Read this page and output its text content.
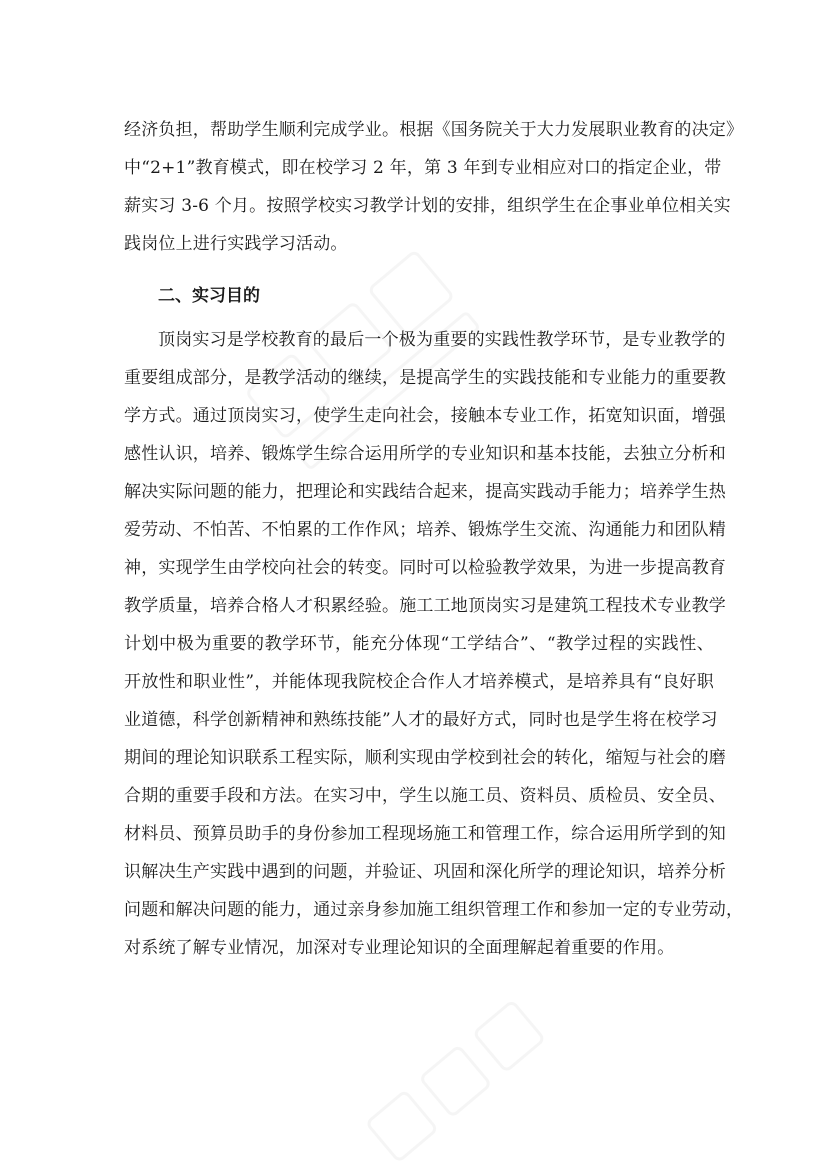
经济负担，帮助学生顺利完成学业。根据《国务院关于大力发展职业教育的决定》
中“2+1”教育模式，即在校学习 2 年，第 3 年到专业相应对口的指定企业，带
薪实习 3-6 个月。按照学校实习教学计划的安排，组织学生在企事业单位相关实
践岗位上进行实践学习活动。
二、实习目的
顶岗实习是学校教育的最后一个极为重要的实践性教学环节，是专业教学的
重要组成部分，是教学活动的继续，是提高学生的实践技能和专业能力的重要教
学方式。通过顶岗实习，使学生走向社会，接触本专业工作，拓宽知识面，增强
感性认识，培养、锻炼学生综合运用所学的专业知识和基本技能，去独立分析和
解决实际问题的能力，把理论和实践结合起来，提高实践动手能力；培养学生热
爱劳动、不怕苦、不怕累的工作作风；培养、锻炼学生交流、沟通能力和团队精
神，实现学生由学校向社会的转变。同时可以检验教学效果，为进一步提高教育
教学质量，培养合格人才积累经验。施工工地顶岗实习是建筑工程技术专业教学
计划中极为重要的教学环节，能充分体现“工学结合”、“教学过程的实践性、
开放性和职业性”，并能体现我院校企合作人才培养模式，是培养具有“良好职
业道德，科学创新精神和熟练技能”人才的最好方式，同时也是学生将在校学习
期间的理论知识联系工程实际，顺利实现由学校到社会的转化，缩短与社会的磨
合期的重要手段和方法。在实习中，学生以施工员、资料员、质检员、安全员、
材料员、预算员助手的身份参加工程现场施工和管理工作，综合运用所学到的知
识解决生产实践中遇到的问题，并验证、巩固和深化所学的理论知识，培养分析
问题和解决问题的能力，通过亲身参加施工组织管理工作和参加一定的专业劳动，
对系统了解专业情况，加深对专业理论知识的全面理解起着重要的作用。
